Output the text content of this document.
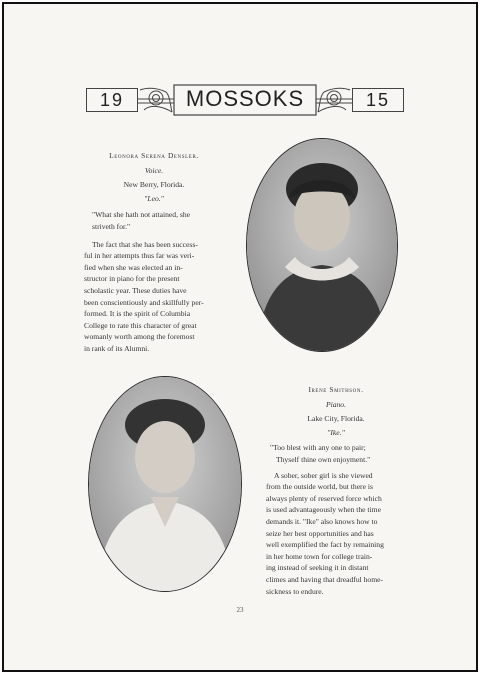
19	MOSSOKS	15
Leonora Serena Densler.
Voice.
New Berry, Florida.
"Leo."
"What she hath not attained, she
striveth for."
The fact that she has been success-
ful in her attempts thus far was veri-
fied when she was elected an in-
structor in piano for the present
scholastic year. These duties have
been conscientiously and skillfully per-
formed. It is the spirit of Columbia
College to rate this character of great
womanly worth among the foremost
in rank of its Alumni.
Irene Smithson.
Piano.
Lake City, Florida.
"Ike."
"Too blest with any one to pair;
Thyself thine own enjoyment."
A sober, sober girl is she viewed
from the outside world, but there is
always plenty of reserved force which
is used advantageously when the time
demands it. "Ike" also knows how to
seize her best opportunities and has
well exemplified the fact by remaining
in her home town for college train-
ing instead of seeking it in distant
climes and having that dreadful home-
sickness to endure.
23
